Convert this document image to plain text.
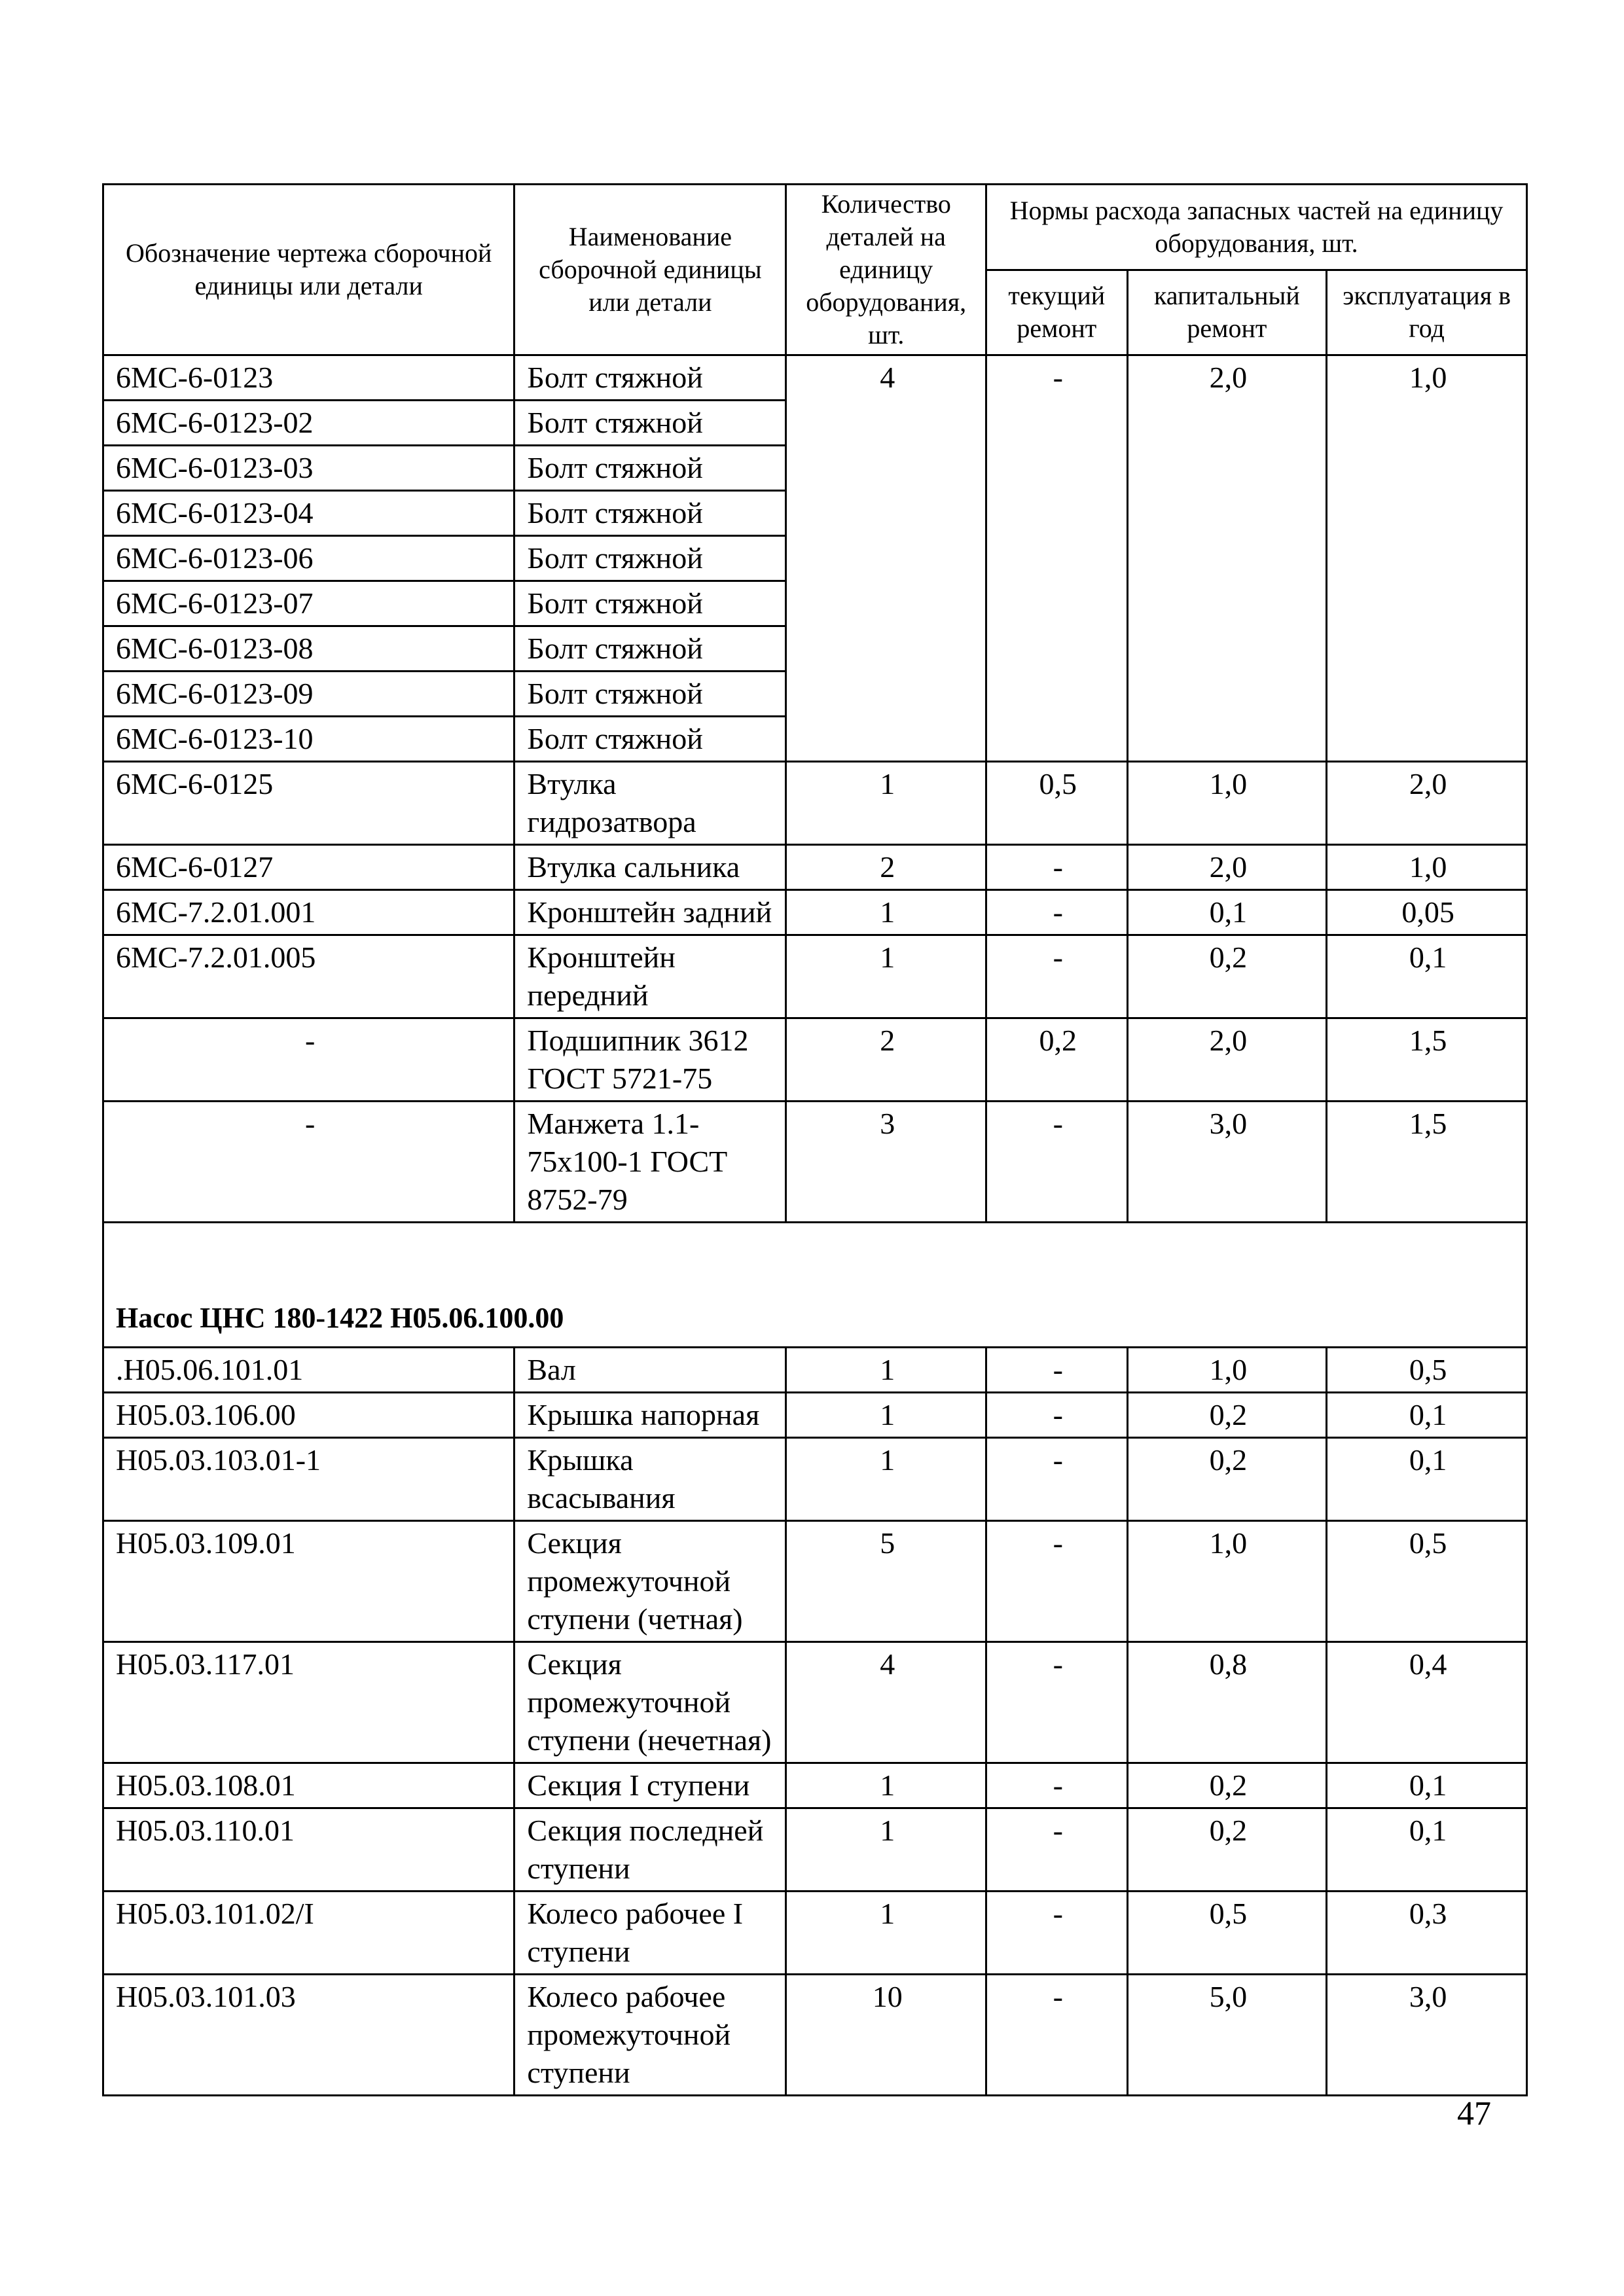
Обозначение чертежа сборочной единицы или детали	Наименование сборочной единицы или детали	Количество деталей на единицу оборудования, шт.	Нормы расхода запасных частей на единицу оборудования, шт.		
			текущий ремонт	капитальный ремонт	эксплуатация в год
6МС-6-0123	Болт стяжной	4	-	2,0	1,0
6МС-6-0123-02	Болт стяжной				
6МС-6-0123-03	Болт стяжной				
6МС-6-0123-04	Болт стяжной				
6МС-6-0123-06	Болт стяжной				
6МС-6-0123-07	Болт стяжной				
6МС-6-0123-08	Болт стяжной				
6МС-6-0123-09	Болт стяжной				
6МС-6-0123-10	Болт стяжной				
6МС-6-0125	Втулка гидрозатвора	1	0,5	1,0	2,0
6МС-6-0127	Втулка сальника	2	-	2,0	1,0
6МС-7.2.01.001	Кронштейн задний	1	-	0,1	0,05
6МС-7.2.01.005	Кронштейн передний	1	-	0,2	0,1
-	Подшипник 3612 ГОСТ 5721-75	2	0,2	2,0	1,5
-	Манжета 1.1-75х100-1 ГОСТ 8752-79	3	-	3,0	1,5
Насос ЦНС 180-1422 Н05.06.100.00					
.Н05.06.101.01	Вал	1	-	1,0	0,5
Н05.03.106.00	Крышка напорная	1	-	0,2	0,1
Н05.03.103.01-1	Крышка всасывания	1	-	0,2	0,1
Н05.03.109.01	Секция промежуточной ступени (четная)	5	-	1,0	0,5
Н05.03.117.01	Секция промежуточной ступени (нечетная)	4	-	0,8	0,4
Н05.03.108.01	Секция I ступени	1	-	0,2	0,1
Н05.03.110.01	Секция последней ступени	1	-	0,2	0,1
Н05.03.101.02/I	Колесо рабочее I ступени	1	-	0,5	0,3
Н05.03.101.03	Колесо рабочее промежуточной ступени	10	-	5,0	3,0
47
